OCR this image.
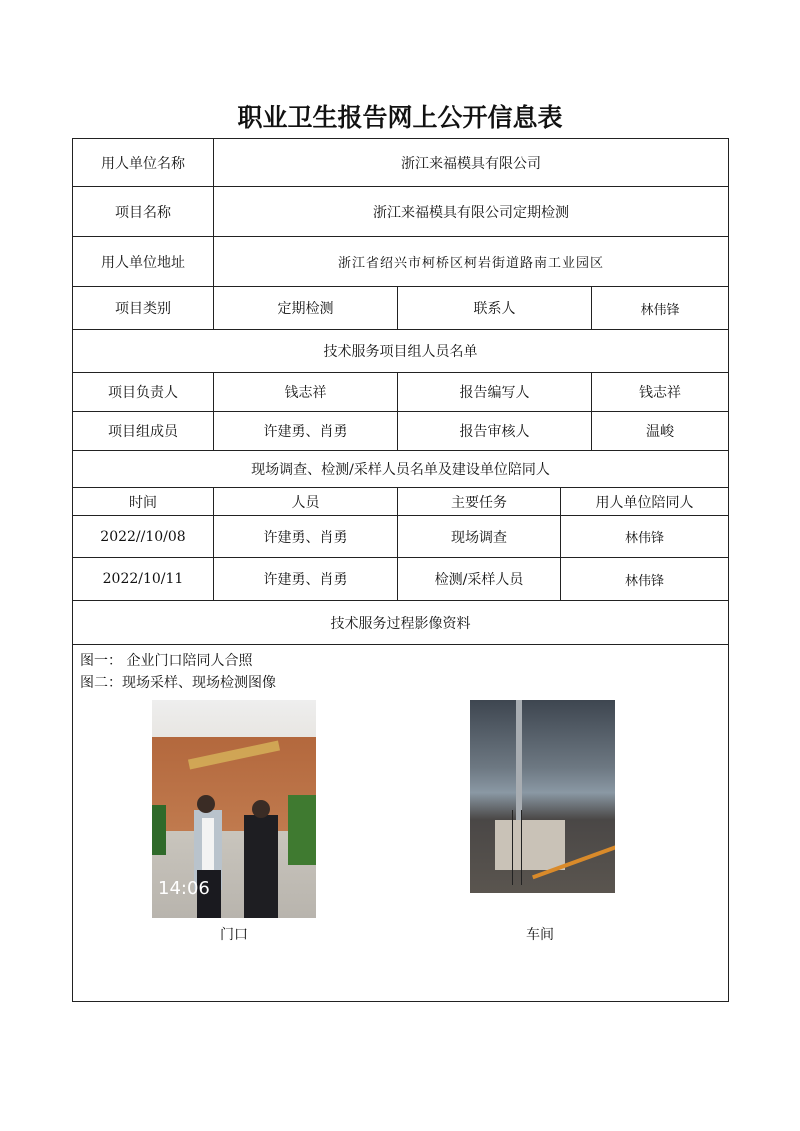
职业卫生报告网上公开信息表
用人单位名称	浙江来福模具有限公司
项目名称	浙江来福模具有限公司定期检测
用人单位地址	浙江省绍兴市柯桥区柯岩街道路南工业园区
项目类别	定期检测	联系人	林伟锋
技术服务项目组人员名单
项目负责人	钱志祥	报告编写人	钱志祥
项目组成员	许建勇、肖勇	报告审核人	温峻
现场调查、检测/采样人员名单及建设单位陪同人
时间	人员	主要任务	用人单位陪同人
2022//10/08	许建勇、肖勇	现场调查	林伟锋
2022/10/11	许建勇、肖勇	检测/采样人员	林伟锋
技术服务过程影像资料
图一： 企业门口陪同人合照
图二：现场采样、现场检测图像
14:06
门口	车间
